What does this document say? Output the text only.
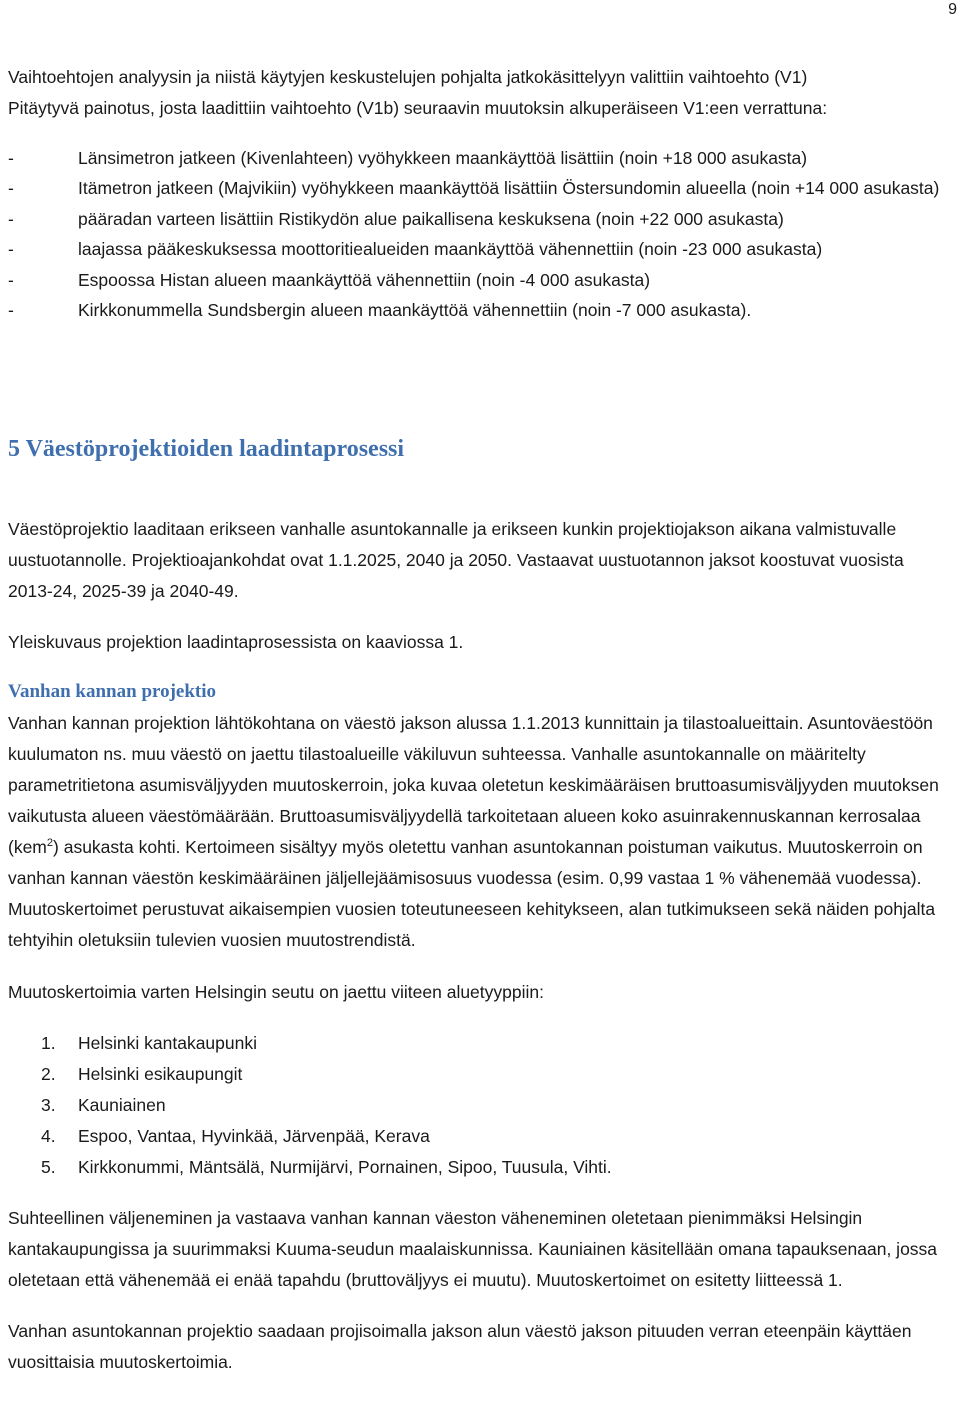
9

Vaihtoehtojen analyysin ja niistä käytyjen keskustelujen pohjalta jatkokäsittelyyn valittiin vaihtoehto (V1)

Pitäytyvä painotus, josta laadittiin vaihtoehto (V1b) seuraavin muutoksin alkuperäiseen V1:een verrattuna:

- Länsimetron jatkeen (Kivenlahteen) vyöhykkeen maankäyttöä lisättiin (noin +18 000 asukasta)
- Itämetron jatkeen (Majvikiin) vyöhykkeen maankäyttöä lisättiin Östersundomin alueella (noin +14 000 asukasta)
- pääradan varteen lisättiin Ristikydön alue paikallisena keskuksena (noin +22 000 asukasta)
- laajassa pääkeskuksessa moottoritiealueiden maankäyttöä vähennettiin (noin -23 000 asukasta)
- Espoossa Histan alueen maankäyttöä vähennettiin (noin -4 000 asukasta)
- Kirkkonummella Sundsbergin alueen maankäyttöä vähennettiin (noin -7 000 asukasta).
5 Väestöprojektioiden laadintaprosessi

Väestöprojektio laaditaan erikseen vanhalle asuntokannalle ja erikseen kunkin projektiojakson aikana valmistuvalle uustuotannolle. Projektioajankohdat ovat 1.1.2025, 2040 ja 2050. Vastaavat uustuotannon jaksot koostuvat vuosista 2013-24, 2025-39 ja 2040-49.

Yleiskuvaus projektion laadintaprosessista on kaaviossa 1.

Vanhan kannan projektio

Vanhan kannan projektion lähtökohtana on väestö jakson alussa 1.1.2013 kunnittain ja tilastoalueittain. Asuntoväestöön kuulumaton ns. muu väestö on jaettu tilastoalueille väkiluvun suhteessa. Vanhalle asuntokannalle on määritelty parametritietona asumisväljyyden muutoskerroin, joka kuvaa oletetun keskimääräisen bruttoasumisväljyyden muutoksen vaikutusta alueen väestömäärään. Bruttoasumisväljyydellä tarkoitetaan alueen koko asuinrakennuskannan kerrosalaa (kem$^2$) asukasta kohti. Kertoimeen sisältyy myös oletettu vanhan asuntokannan poistuman vaikutus. Muutoskerroin on vanhan kannan väestön keskimääräinen jäljellejäämisosuus vuodessa (esim. 0,99 vastaa 1 % vähenemää vuodessa). Muutoskertoimet perustuvat aikaisempien vuosien toteutuneeseen kehitykseen, alan tutkimukseen sekä näiden pohjalta tehtyihin oletuksiin tulevien vuosien muutostrendistä.

Muutoskertoimia varten Helsingin seutu on jaettu viiteen aluetyyppiin:

1. Helsinki kantakaupunki
2. Helsinki esikaupungit
3. Kauniainen
4. Espoo, Vantaa, Hyvinkää, Järvenpää, Kerava
5. Kirkkonummi, Mäntsälä, Nurmijärvi, Pornainen, Sipoo, Tuusula, Vihti.

Suhteellinen väljeneminen ja vastaava vanhan kannan väeston väheneminen oletetaan pienimmäksi Helsingin kantakaupungissa ja suurimmaksi Kuuma-seudun maalaiskunnissa. Kauniainen käsitellään omana tapauksenaan, jossa oletetaan että vähenemää ei enää tapahdu (bruttoväljyys ei muutu). Muutoskertoimet on esitetty liitteessä 1.

Vanhan asuntokannan projektio saadaan projisoimalla jakson alun väestö jakson pituuden verran eteenpäin käyttäen vuosittaisia muutoskertoimia.
